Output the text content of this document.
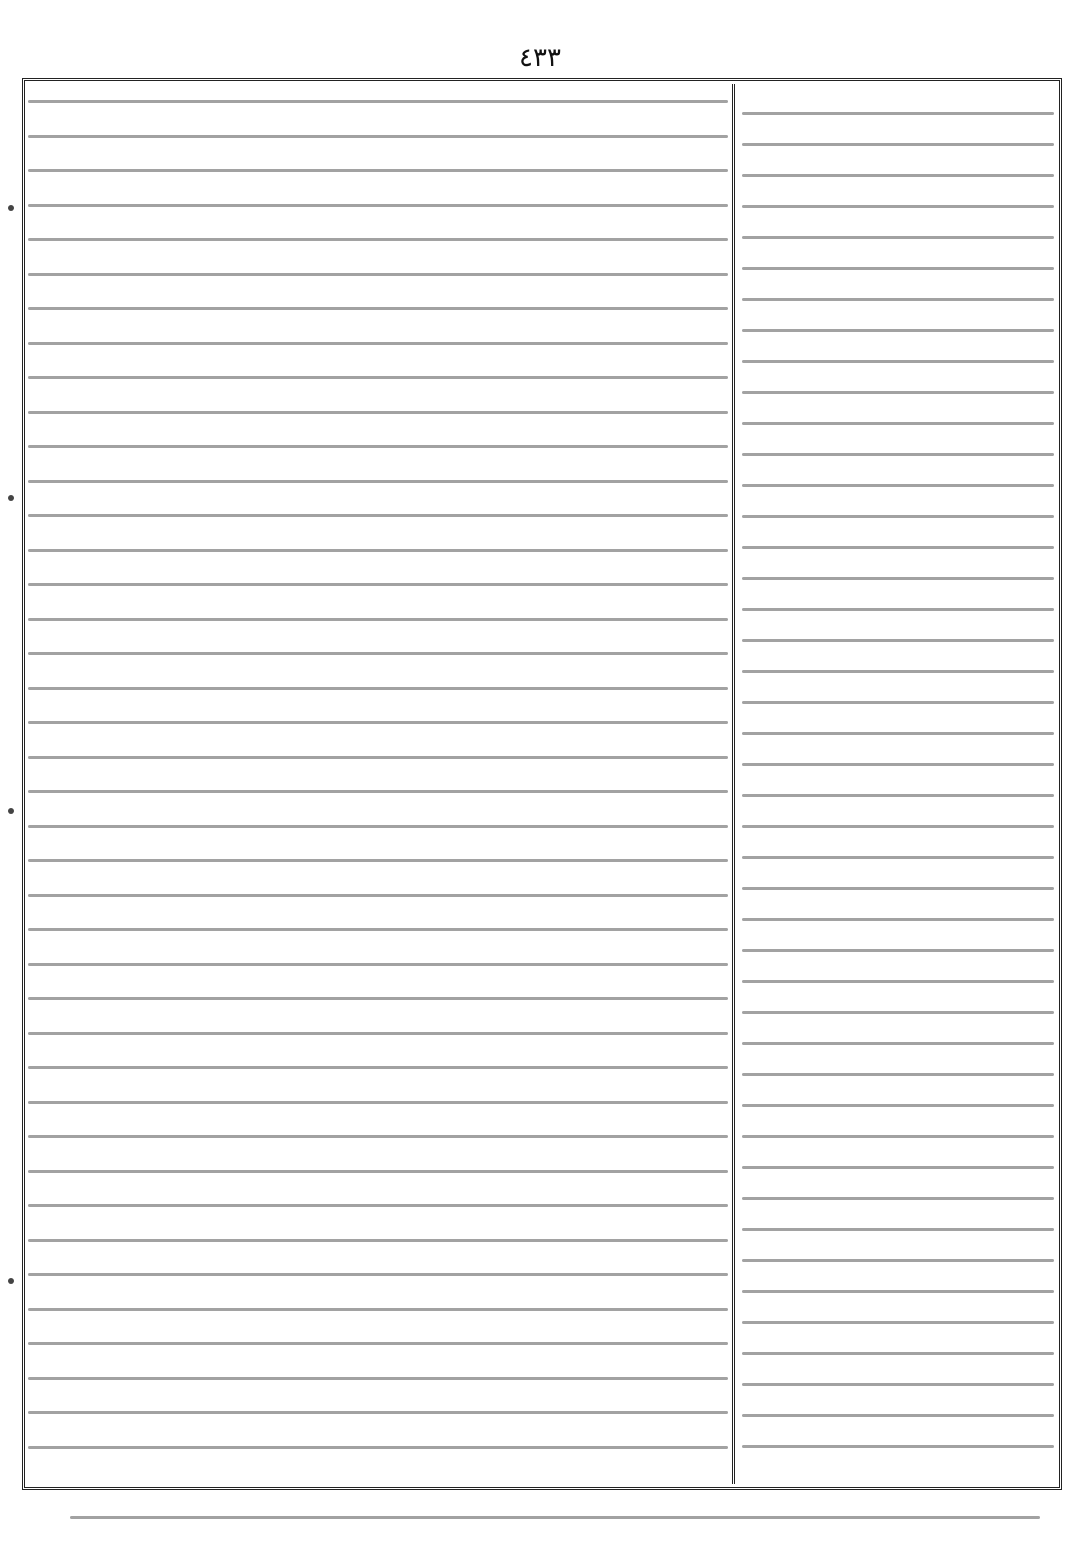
٤٣٣
